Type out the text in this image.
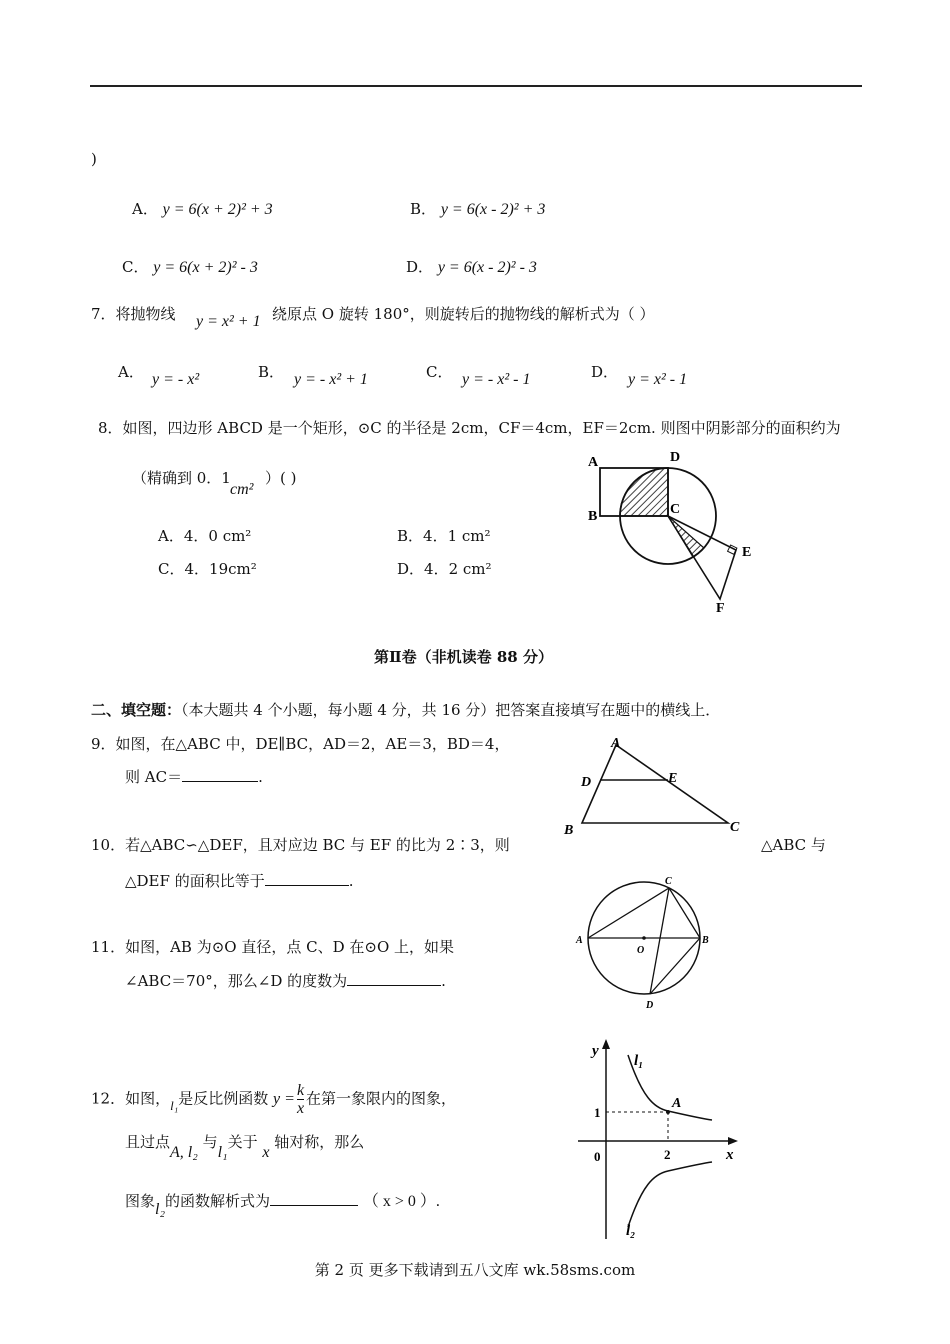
)
A． y = 6(x + 2)² + 3	B． y = 6(x - 2)² + 3
C． y = 6(x + 2)² - 3	D． y = 6(x - 2)² - 3
7．将抛物线 y = x² + 1 绕原点 O 旋转 180°，则旋转后的抛物线的解析式为（ ）
A． y = - x²	B． y = - x² + 1	C． y = - x² - 1	D． y = x² - 1
8．如图，四边形 ABCD 是一个矩形，⊙C 的半径是 2cm，CF＝4cm，EF＝2cm. 则图中阴影部分的面积约为
（精确到 0．1
cm²
）( )
A．4．0 cm²	B．4．1 cm²
C．4．19cm²	D．4．2 cm²
A	D
B	C
E
F
第Ⅱ卷（非机读卷 88 分）
二、填空题：（本大题共 4 个小题，每小题 4 分，共 16 分）把答案直接填写在题中的横线上．
9．如图，在△ABC 中，DE∥BC，AD＝2，AE＝3，BD＝4，
则 AC＝	.
A
D	E
B	C
10．若△ABC∽△DEF，且对应边 BC 与 EF 的比为 2∶3，则	△ABC 与
△DEF 的面积比等于	.
11．如图，AB 为⊙O 直径，点 C、D 在⊙O 上，如果
∠ABC＝70°，那么∠D 的度数为	.
A	B
C
D
O
12．如图，l₁是反比例函数 $y = \frac{k}{x}$ 在第一象限内的图象，
且过点A, l₂ 与l₁关于 x 轴对称，那么
图象l₂的函数解析式为	（ x > 0 ）.
y
x
0
1
2
A
l₁
l₂
第 2 页 更多下载请到五八文库 wk.58sms.com
